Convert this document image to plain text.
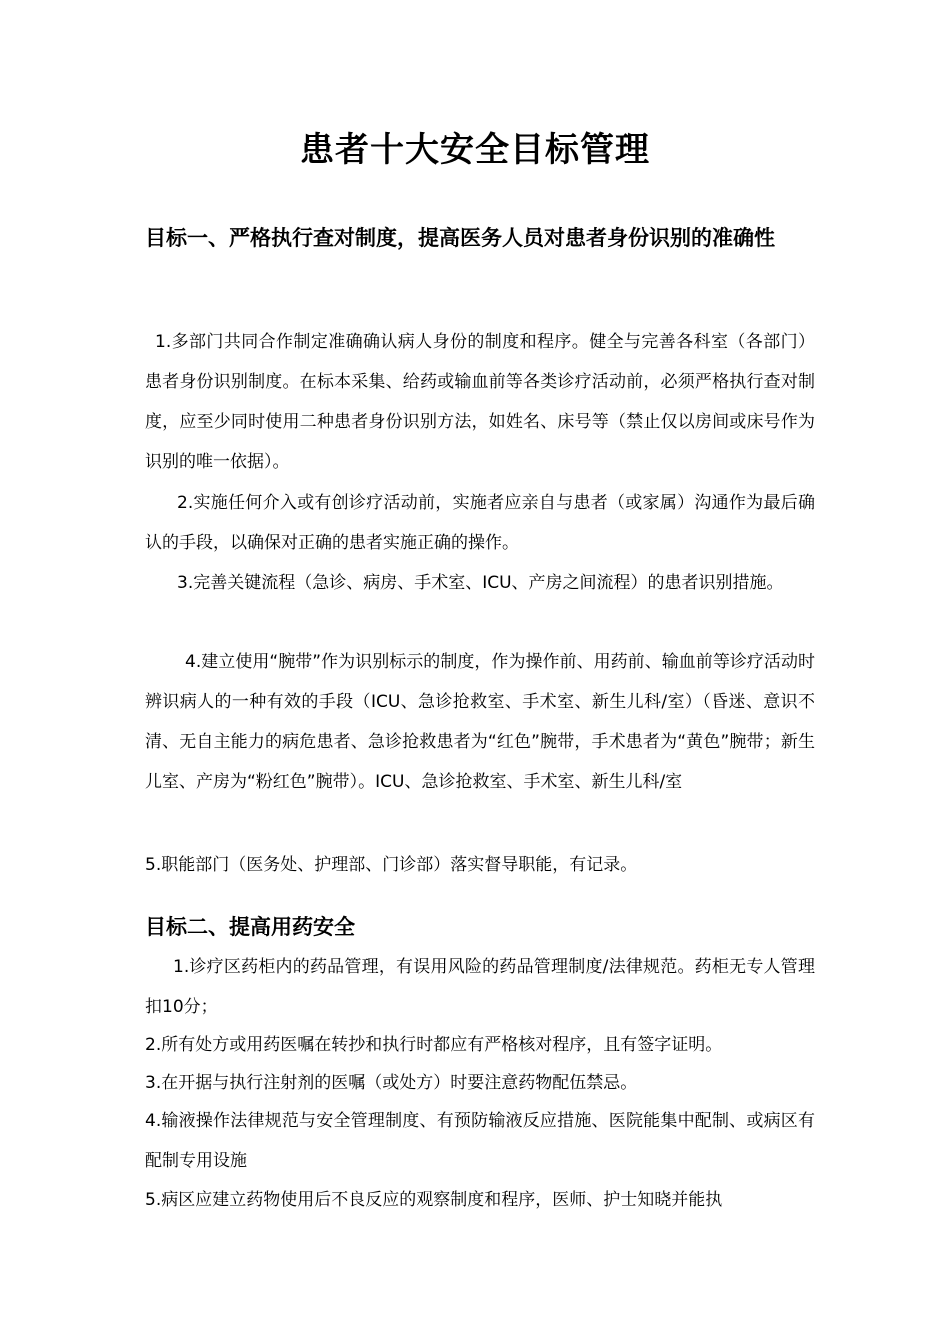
患者十大安全目标管理
目标一、严格执行查对制度，提高医务人员对患者身份识别的准确性

1.多部门共同合作制定准确确认病人身份的制度和程序。健全与完善各科室（各部门）患者身份识别制度。在标本采集、给药或输血前等各类诊疗活动前，必须严格执行查对制度，应至少同时使用二种患者身份识别方法，如姓名、床号等（禁止仅以房间或床号作为识别的唯一依据）。

2.实施任何介入或有创诊疗活动前，实施者应亲自与患者（或家属）沟通作为最后确认的手段，以确保对正确的患者实施正确的操作。

3.完善关键流程（急诊、病房、手术室、ICU、产房之间流程）的患者识别措施。

4.建立使用“腕带”作为识别标示的制度，作为操作前、用药前、输血前等诊疗活动时辨识病人的一种有效的手段（ICU、急诊抢救室、手术室、新生儿科/室）（昏迷、意识不清、无自主能力的病危患者、急诊抢救患者为“红色”腕带，手术患者为“黄色”腕带；新生儿室、产房为“粉红色”腕带）。ICU、急诊抢救室、手术室、新生儿科/室

5.职能部门（医务处、护理部、门诊部）落实督导职能，有记录。

目标二、提高用药安全

1.诊疗区药柜内的药品管理，有误用风险的药品管理制度/法律规范。药柜无专人管理扣10分；

2.所有处方或用药医嘱在转抄和执行时都应有严格核对程序，且有签字证明。

3.在开据与执行注射剂的医嘱（或处方）时要注意药物配伍禁忌。

4.输液操作法律规范与安全管理制度、有预防输液反应措施、医院能集中配制、或病区有配制专用设施

5.病区应建立药物使用后不良反应的观察制度和程序，医师、护士知晓并能执
